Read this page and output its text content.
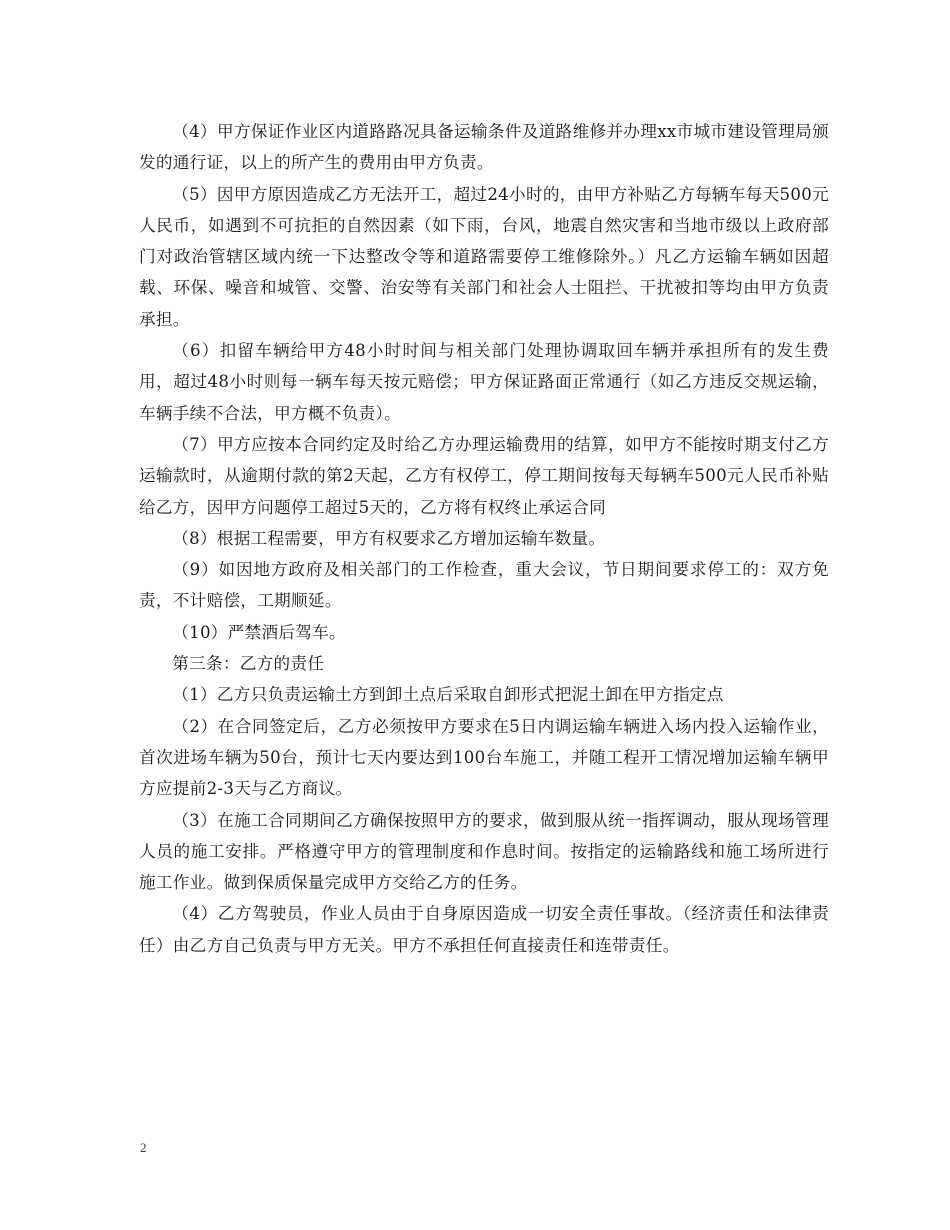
（4）甲方保证作业区内道路路况具备运输条件及道路维修并办理xx市城市建设管理局颁发的通行证，以上的所产生的费用由甲方负责。

（5）因甲方原因造成乙方无法开工，超过24小时的，由甲方补贴乙方每辆车每天500元人民币，如遇到不可抗拒的自然因素（如下雨，台风，地震自然灾害和当地市级以上政府部门对政治管辖区域内统一下达整改令等和道路需要停工维修除外。）凡乙方运输车辆如因超载、环保、噪音和城管、交警、治安等有关部门和社会人士阻拦、干扰被扣等均由甲方负责承担。

（6）扣留车辆给甲方48小时时间与相关部门处理协调取回车辆并承担所有的发生费用，超过48小时则每一辆车每天按元赔偿；甲方保证路面正常通行（如乙方违反交规运输，车辆手续不合法，甲方概不负责）。

（7）甲方应按本合同约定及时给乙方办理运输费用的结算，如甲方不能按时期支付乙方运输款时，从逾期付款的第2天起，乙方有权停工，停工期间按每天每辆车500元人民币补贴给乙方，因甲方问题停工超过5天的，乙方将有权终止承运合同

（8）根据工程需要，甲方有权要求乙方增加运输车数量。

（9）如因地方政府及相关部门的工作检查，重大会议，节日期间要求停工的：双方免责，不计赔偿，工期顺延。

（10）严禁酒后驾车。

第三条：乙方的责任

（1）乙方只负责运输土方到卸土点后采取自卸形式把泥土卸在甲方指定点

（2）在合同签定后，乙方必须按甲方要求在5日内调运输车辆进入场内投入运输作业，首次进场车辆为50台，预计七天内要达到100台车施工，并随工程开工情况增加运输车辆甲方应提前2-3天与乙方商议。

（3）在施工合同期间乙方确保按照甲方的要求，做到服从统一指挥调动，服从现场管理人员的施工安排。严格遵守甲方的管理制度和作息时间。按指定的运输路线和施工场所进行施工作业。做到保质保量完成甲方交给乙方的任务。

（4）乙方驾驶员，作业人员由于自身原因造成一切安全责任事故。（经济责任和法律责任）由乙方自己负责与甲方无关。甲方不承担任何直接责任和连带责任。

2
